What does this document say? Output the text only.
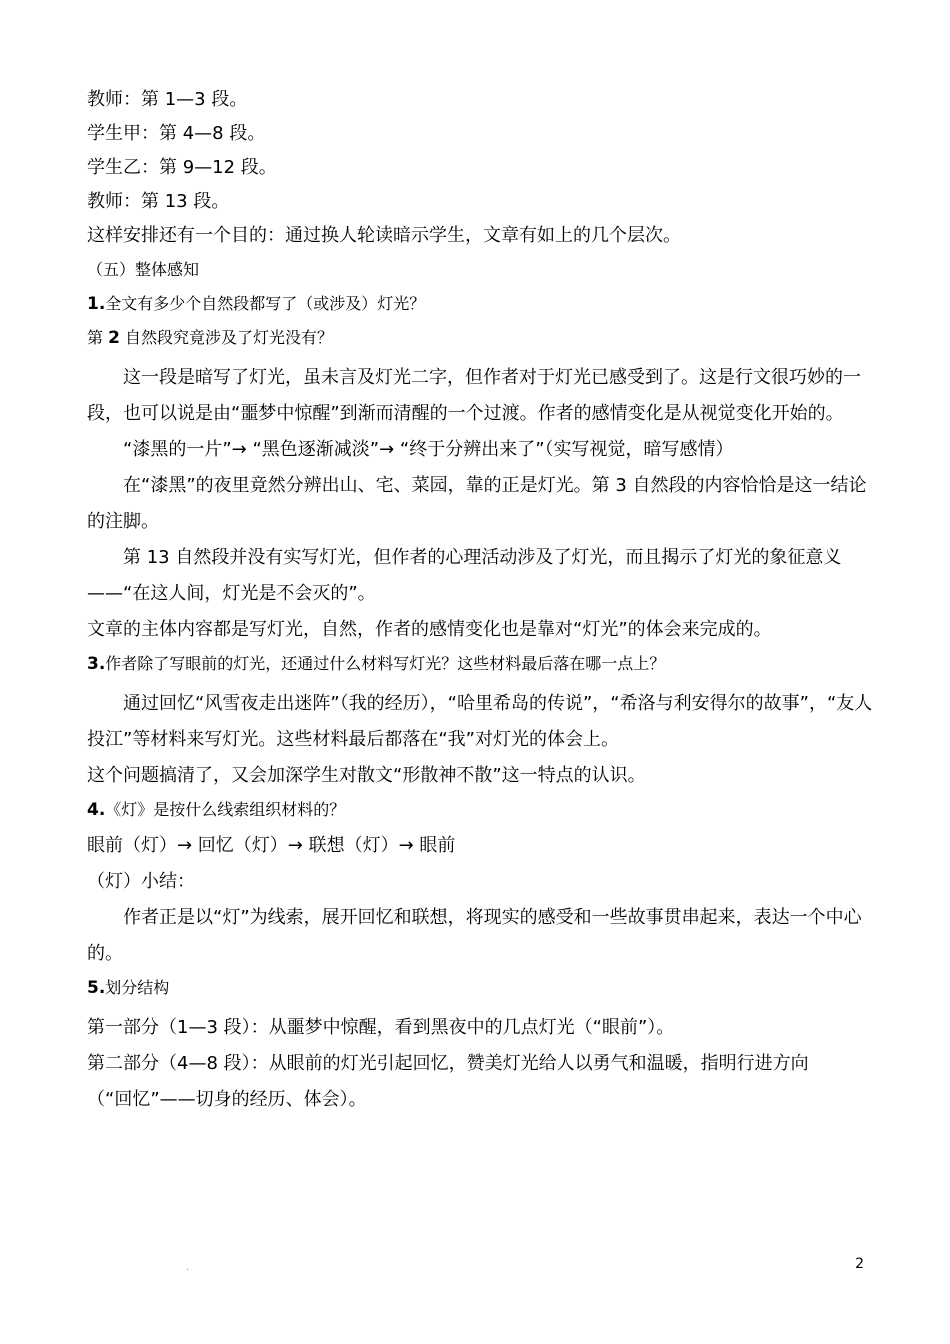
教师：第 1—3 段。

学生甲：第 4—8 段。

学生乙：第 9—12 段。

教师：第 13 段。

这样安排还有一个目的：通过换人轮读暗示学生，文章有如上的几个层次。

（五）整体感知

1.全文有多少个自然段都写了（或涉及）灯光？

第 2 自然段究竟涉及了灯光没有？

这一段是暗写了灯光，虽未言及灯光二字，但作者对于灯光已感受到了。这是行文很巧妙的一段，也可以说是由“噩梦中惊醒”到渐而清醒的一个过渡。作者的感情变化是从视觉变化开始的。

“漆黑的一片”→ “黑色逐渐减淡”→ “终于分辨出来了”（实写视觉，暗写感情）

在“漆黑”的夜里竟然分辨出山、宅、菜园，靠的正是灯光。第 3 自然段的内容恰恰是这一结论的注脚。

第 13 自然段并没有实写灯光，但作者的心理活动涉及了灯光，而且揭示了灯光的象征意义——“在这人间，灯光是不会灭的”。

文章的主体内容都是写灯光，自然，作者的感情变化也是靠对“灯光”的体会来完成的。

3.作者除了写眼前的灯光，还通过什么材料写灯光？这些材料最后落在哪一点上？

通过回忆“风雪夜走出迷阵”（我的经历），“哈里希岛的传说”，“希洛与利安得尔的故事”，“友人投江”等材料来写灯光。这些材料最后都落在“我”对灯光的体会上。

这个问题搞清了，又会加深学生对散文“形散神不散”这一特点的认识。

4.《灯》是按什么线索组织材料的？

眼前（灯）→ 回忆（灯）→ 联想（灯）→ 眼前

（灯）小结：

作者正是以“灯”为线索，展开回忆和联想，将现实的感受和一些故事贯串起来，表达一个中心的。

5.划分结构

第一部分（1—3 段）：从噩梦中惊醒，看到黑夜中的几点灯光（“眼前”）。

第二部分（4—8 段）：从眼前的灯光引起回忆，赞美灯光给人以勇气和温暖，指明行进方向

（“回忆”——切身的经历、体会）。

.	2
